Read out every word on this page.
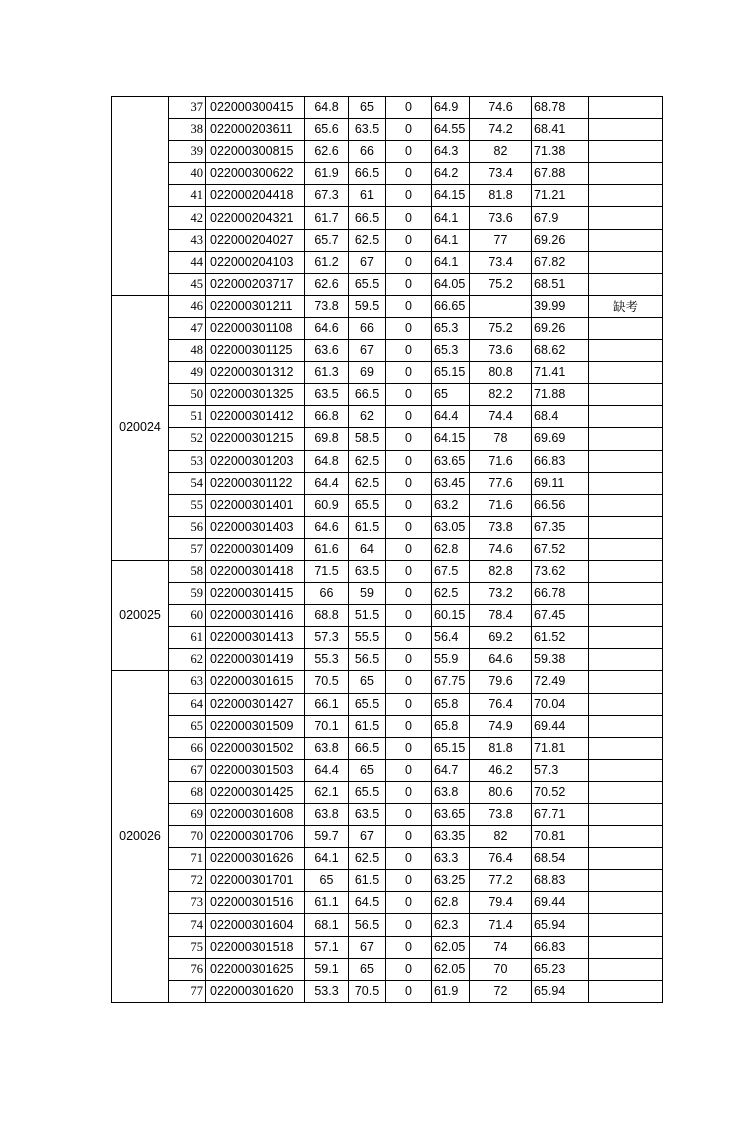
	37	022000300415	64.8	65	0	64.9	74.6	68.78	
	38	022000203611	65.6	63.5	0	64.55	74.2	68.41	
	39	022000300815	62.6	66	0	64.3	82	71.38	
	40	022000300622	61.9	66.5	0	64.2	73.4	67.88	
	41	022000204418	67.3	61	0	64.15	81.8	71.21	
	42	022000204321	61.7	66.5	0	64.1	73.6	67.9	
	43	022000204027	65.7	62.5	0	64.1	77	69.26	
	44	022000204103	61.2	67	0	64.1	73.4	67.82	
	45	022000203717	62.6	65.5	0	64.05	75.2	68.51	
020024	46	022000301211	73.8	59.5	0	66.65		39.99	缺考
	47	022000301108	64.6	66	0	65.3	75.2	69.26	
	48	022000301125	63.6	67	0	65.3	73.6	68.62	
	49	022000301312	61.3	69	0	65.15	80.8	71.41	
	50	022000301325	63.5	66.5	0	65	82.2	71.88	
	51	022000301412	66.8	62	0	64.4	74.4	68.4	
	52	022000301215	69.8	58.5	0	64.15	78	69.69	
	53	022000301203	64.8	62.5	0	63.65	71.6	66.83	
	54	022000301122	64.4	62.5	0	63.45	77.6	69.11	
	55	022000301401	60.9	65.5	0	63.2	71.6	66.56	
	56	022000301403	64.6	61.5	0	63.05	73.8	67.35	
	57	022000301409	61.6	64	0	62.8	74.6	67.52	
020025	58	022000301418	71.5	63.5	0	67.5	82.8	73.62	
	59	022000301415	66	59	0	62.5	73.2	66.78	
	60	022000301416	68.8	51.5	0	60.15	78.4	67.45	
	61	022000301413	57.3	55.5	0	56.4	69.2	61.52	
	62	022000301419	55.3	56.5	0	55.9	64.6	59.38	
020026	63	022000301615	70.5	65	0	67.75	79.6	72.49	
	64	022000301427	66.1	65.5	0	65.8	76.4	70.04	
	65	022000301509	70.1	61.5	0	65.8	74.9	69.44	
	66	022000301502	63.8	66.5	0	65.15	81.8	71.81	
	67	022000301503	64.4	65	0	64.7	46.2	57.3	
	68	022000301425	62.1	65.5	0	63.8	80.6	70.52	
	69	022000301608	63.8	63.5	0	63.65	73.8	67.71	
	70	022000301706	59.7	67	0	63.35	82	70.81	
	71	022000301626	64.1	62.5	0	63.3	76.4	68.54	
	72	022000301701	65	61.5	0	63.25	77.2	68.83	
	73	022000301516	61.1	64.5	0	62.8	79.4	69.44	
	74	022000301604	68.1	56.5	0	62.3	71.4	65.94	
	75	022000301518	57.1	67	0	62.05	74	66.83	
	76	022000301625	59.1	65	0	62.05	70	65.23	
	77	022000301620	53.3	70.5	0	61.9	72	65.94	
